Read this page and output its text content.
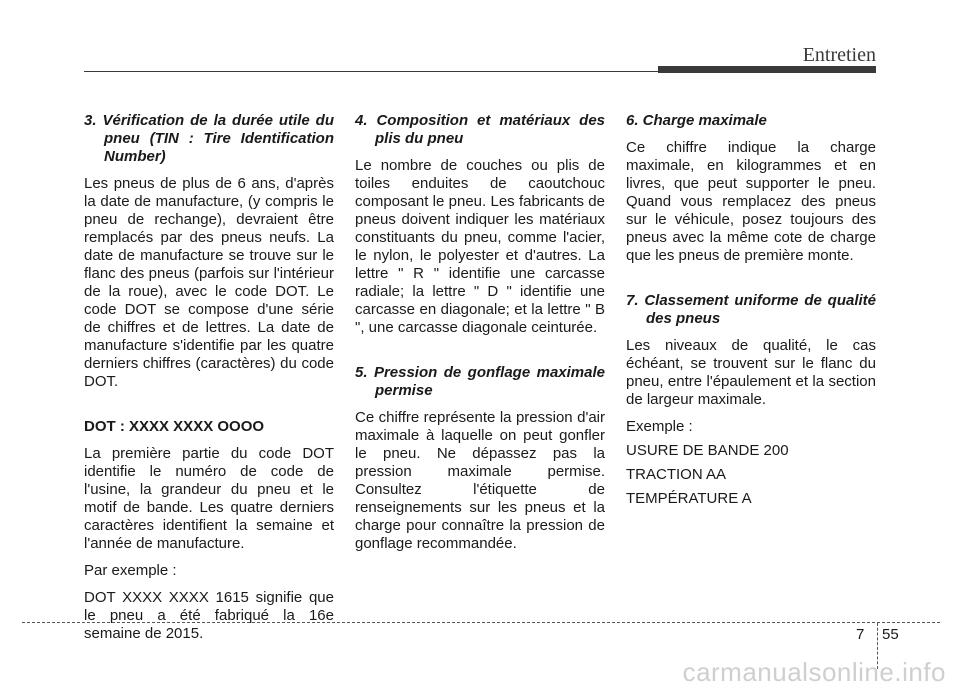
Entretien

3. Vérification de la durée utile du pneu (TIN : Tire Identification Number)

Les pneus de plus de 6 ans, d'après la date de manufacture, (y compris le pneu de rechange), devraient être remplacés par des pneus neufs. La date de manufacture se trouve sur le flanc des pneus (parfois sur l'intérieur de la roue), avec le code DOT. Le code DOT se compose d'une série de chiffres et de lettres. La date de manufacture s'identifie par les quatre derniers chiffres (caractères) du code DOT.

DOT : XXXX XXXX OOOO

La première partie du code DOT identifie le numéro de code de l'usine, la grandeur du pneu et le motif de bande. Les quatre derniers caractères identifient la semaine et l'année de manufacture.

Par exemple :

DOT XXXX XXXX 1615 signifie que le pneu a été fabriqué la 16e semaine de 2015.

4. Composition et matériaux des plis du pneu

Le nombre de couches ou plis de toiles enduites de caoutchouc composant le pneu. Les fabricants de pneus doivent indiquer les matériaux constituants du pneu, comme l'acier, le nylon, le polyester et d'autres. La lettre " R " identifie une carcasse radiale; la lettre " D " identifie une carcasse en diagonale; et la lettre " B ", une carcasse diagonale ceinturée.

5. Pression de gonflage maximale permise

Ce chiffre représente la pression d'air maximale à laquelle on peut gonfler le pneu. Ne dépassez pas la pression maximale permise. Consultez l'étiquette de renseignements sur les pneus et la charge pour connaître la pression de gonflage recommandée.

6. Charge maximale

Ce chiffre indique la charge maximale, en kilogrammes et en livres, que peut supporter le pneu. Quand vous remplacez des pneus sur le véhicule, posez toujours des pneus avec la même cote de charge que les pneus de première monte.

7. Classement uniforme de qualité des pneus

Les niveaux de qualité, le cas échéant, se trouvent sur le flanc du pneu, entre l'épaulement et la section de largeur maximale.

Exemple :

USURE DE BANDE 200

TRACTION AA

TEMPÉRATURE A

7 55
carmanualsonline.info
